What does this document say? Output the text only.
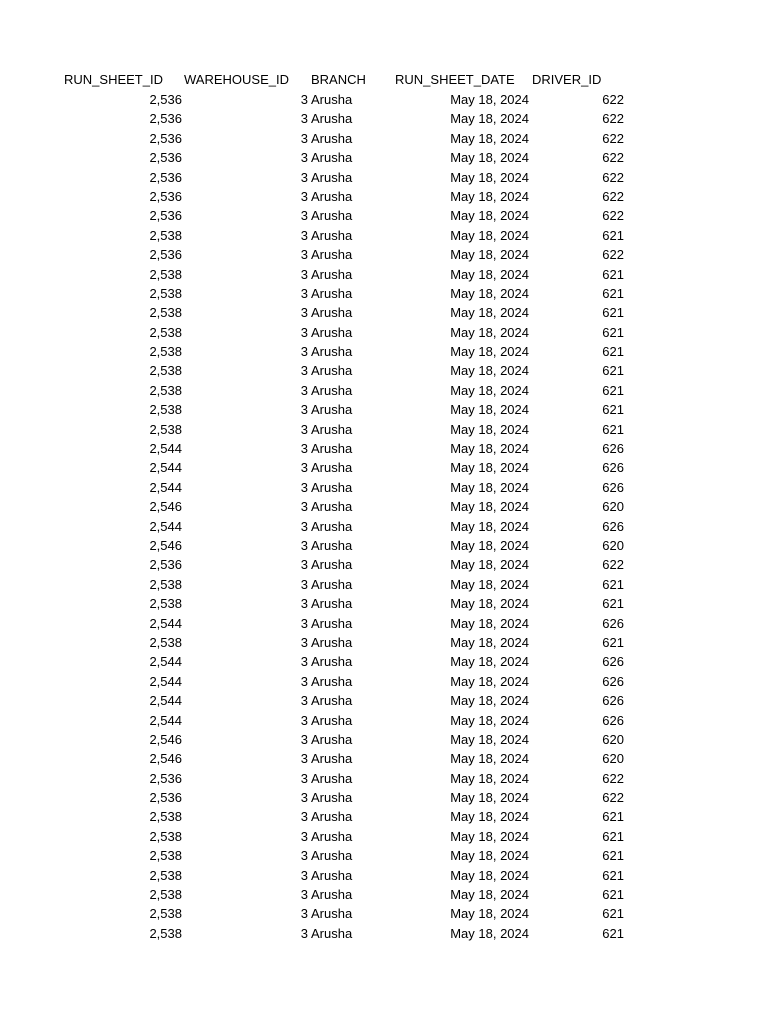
RUN_SHEET_ID WAREHOUSE_ID BRANCH RUN_SHEET_DATE DRIVER_ID
2,536	3 Arusha	May 18, 2024	622
2,536	3 Arusha	May 18, 2024	622
2,536	3 Arusha	May 18, 2024	622
2,536	3 Arusha	May 18, 2024	622
2,536	3 Arusha	May 18, 2024	622
2,536	3 Arusha	May 18, 2024	622
2,536	3 Arusha	May 18, 2024	622
2,538	3 Arusha	May 18, 2024	621
2,536	3 Arusha	May 18, 2024	622
2,538	3 Arusha	May 18, 2024	621
2,538	3 Arusha	May 18, 2024	621
2,538	3 Arusha	May 18, 2024	621
2,538	3 Arusha	May 18, 2024	621
2,538	3 Arusha	May 18, 2024	621
2,538	3 Arusha	May 18, 2024	621
2,538	3 Arusha	May 18, 2024	621
2,538	3 Arusha	May 18, 2024	621
2,538	3 Arusha	May 18, 2024	621
2,544	3 Arusha	May 18, 2024	626
2,544	3 Arusha	May 18, 2024	626
2,544	3 Arusha	May 18, 2024	626
2,546	3 Arusha	May 18, 2024	620
2,544	3 Arusha	May 18, 2024	626
2,546	3 Arusha	May 18, 2024	620
2,536	3 Arusha	May 18, 2024	622
2,538	3 Arusha	May 18, 2024	621
2,538	3 Arusha	May 18, 2024	621
2,544	3 Arusha	May 18, 2024	626
2,538	3 Arusha	May 18, 2024	621
2,544	3 Arusha	May 18, 2024	626
2,544	3 Arusha	May 18, 2024	626
2,544	3 Arusha	May 18, 2024	626
2,544	3 Arusha	May 18, 2024	626
2,546	3 Arusha	May 18, 2024	620
2,546	3 Arusha	May 18, 2024	620
2,536	3 Arusha	May 18, 2024	622
2,536	3 Arusha	May 18, 2024	622
2,538	3 Arusha	May 18, 2024	621
2,538	3 Arusha	May 18, 2024	621
2,538	3 Arusha	May 18, 2024	621
2,538	3 Arusha	May 18, 2024	621
2,538	3 Arusha	May 18, 2024	621
2,538	3 Arusha	May 18, 2024	621
2,538	3 Arusha	May 18, 2024	621
